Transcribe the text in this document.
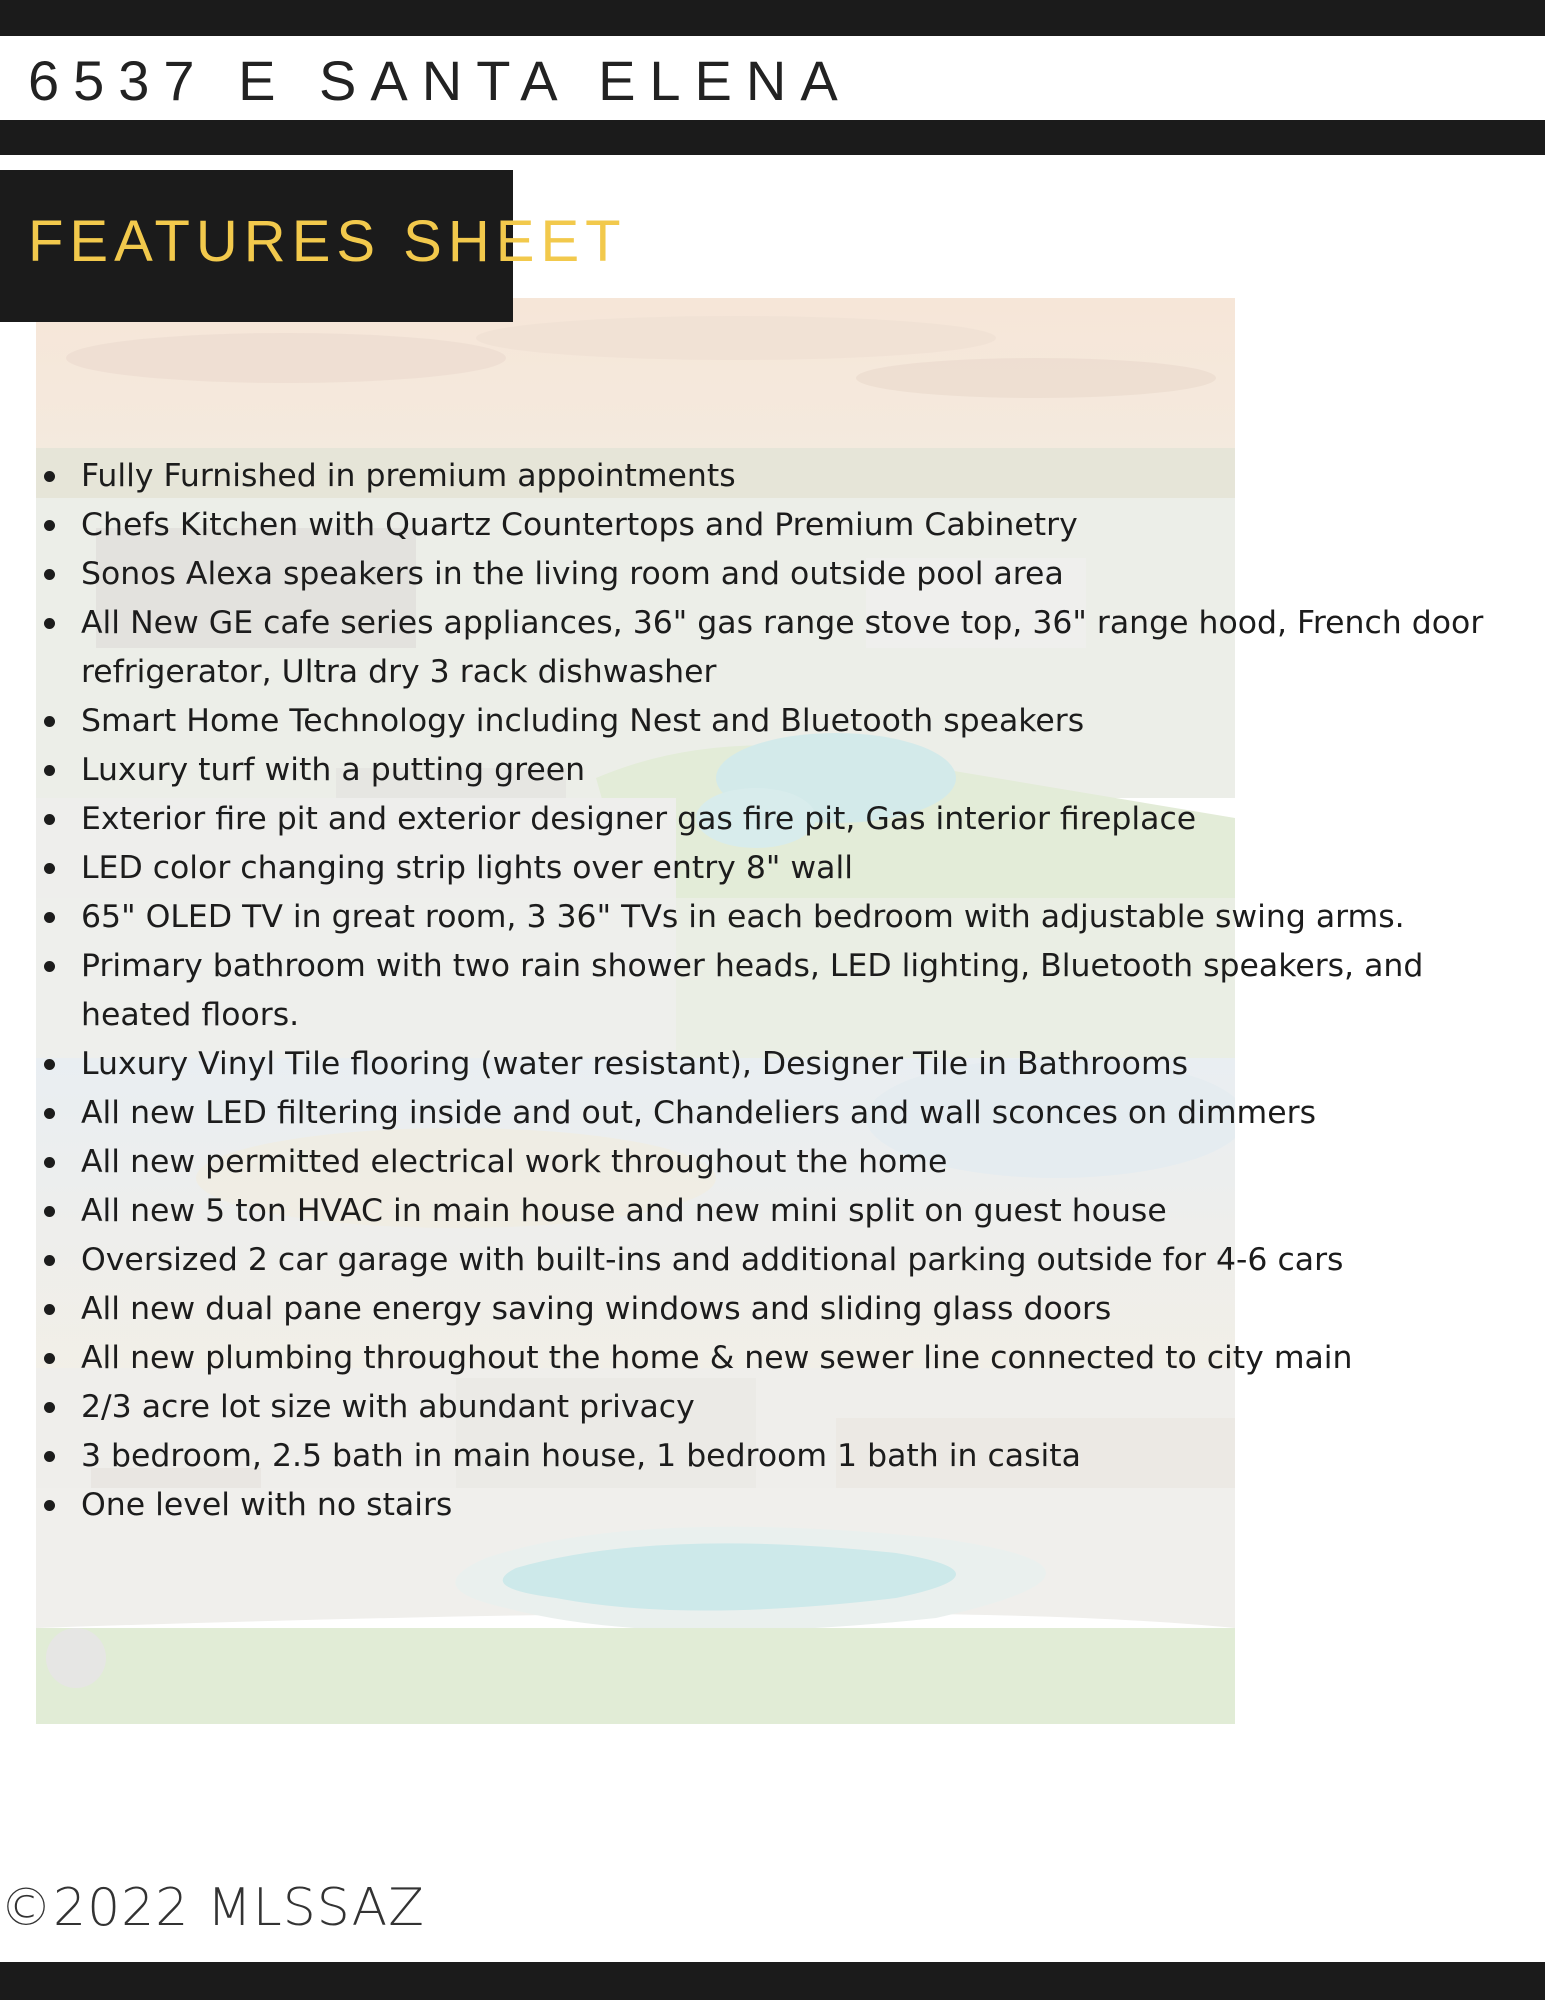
6537 E SANTA ELENA
FEATURES SHEET
Fully Furnished in premium appointments
Chefs Kitchen with Quartz Countertops and Premium Cabinetry
Sonos Alexa speakers in the living room and outside pool area
All New GE cafe series appliances, 36" gas range stove top, 36" range hood, French door refrigerator, Ultra dry 3 rack dishwasher
Smart Home Technology including Nest and Bluetooth speakers
Luxury turf with a putting green
Exterior fire pit and exterior designer gas fire pit, Gas interior fireplace
LED color changing strip lights over entry 8" wall
65" OLED TV in great room, 3 36" TVs in each bedroom with adjustable swing arms.
Primary bathroom with two rain shower heads, LED lighting, Bluetooth speakers, and heated floors.
Luxury Vinyl Tile flooring (water resistant), Designer Tile in Bathrooms
All new LED filtering inside and out, Chandeliers and wall sconces on dimmers
All new permitted electrical work throughout the home
All new 5 ton HVAC in main house and new mini split on guest house
Oversized 2 car garage with built-ins and additional parking outside for 4-6 cars
All new dual pane energy saving windows and sliding glass doors
All new plumbing throughout the home & new sewer line connected to city main
2/3 acre lot size with abundant privacy
3 bedroom, 2.5 bath in main house, 1 bedroom 1 bath in casita
One level with no stairs
©2022 MLSSAZ
